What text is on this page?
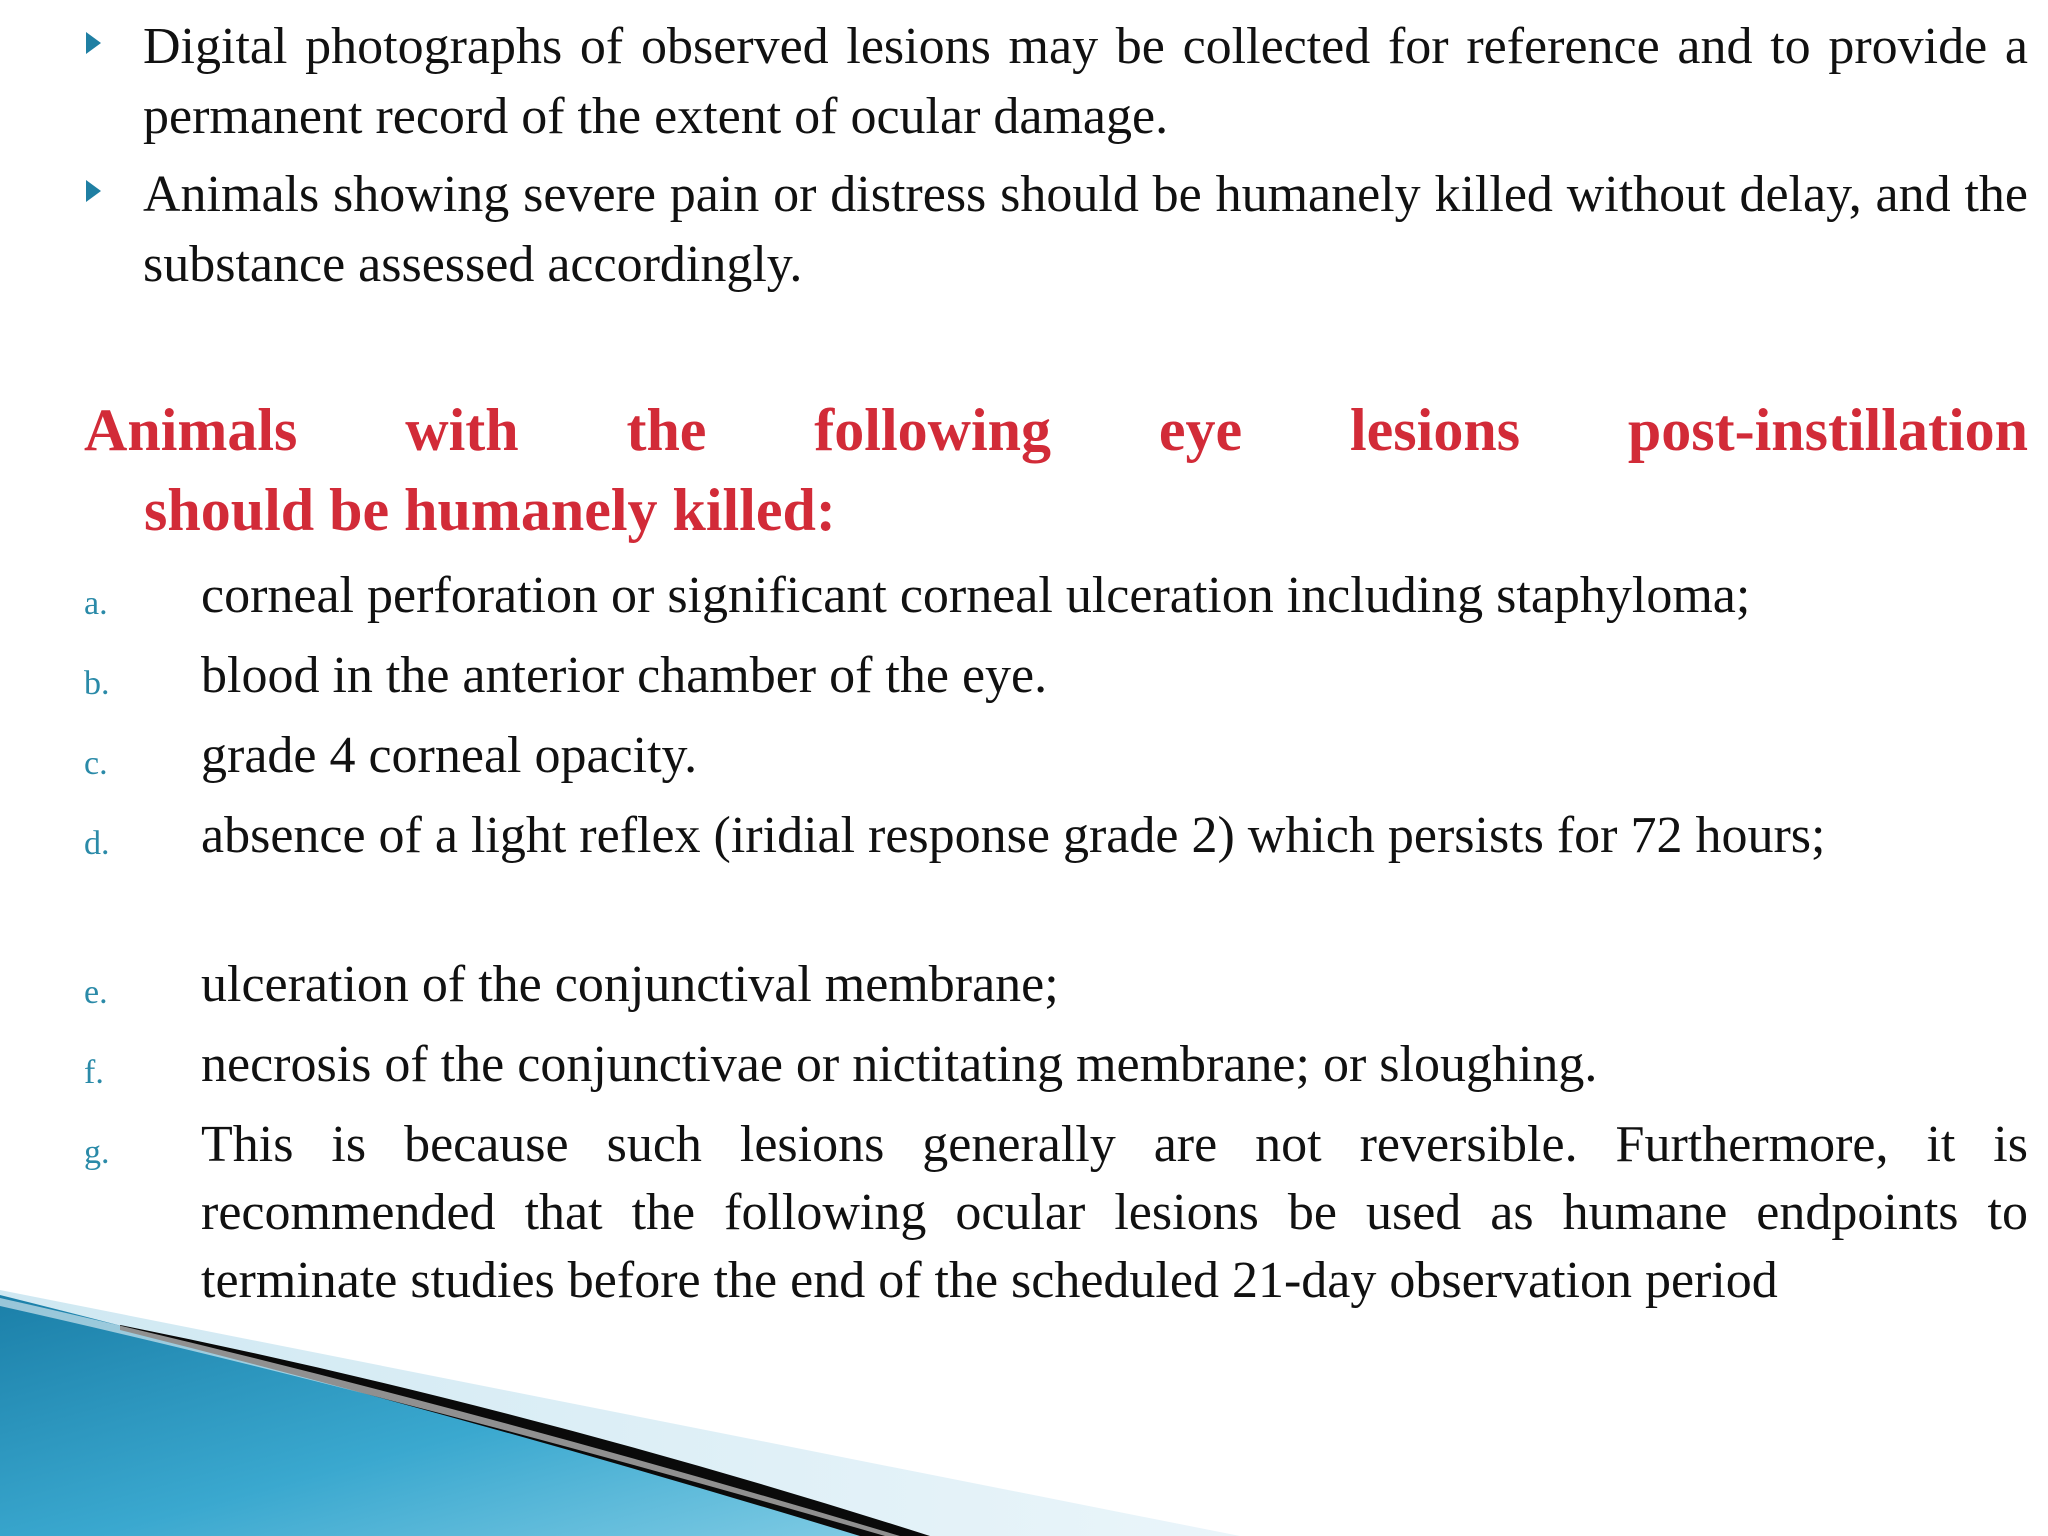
Digital photographs of observed lesions may be collected for reference and to provide a permanent record of the extent of ocular damage.

Animals showing severe pain or distress should be humanely killed without delay, and the substance assessed accordingly.

Animals with the following eye lesions post-instillation
should be humanely killed:
a. corneal perforation or significant corneal ulceration including staphyloma;

b. blood in the anterior chamber of the eye.

c. grade 4 corneal opacity.

d. absence of a light reflex (iridial response grade 2) which persists for 72 hours;

e. ulceration of the conjunctival membrane;

f. necrosis of the conjunctivae or nictitating membrane; or sloughing.

g. This is because such lesions generally are not reversible. Furthermore, it is recommended that the following ocular lesions be used as humane endpoints to terminate studies before the end of the scheduled 21-day observation period
